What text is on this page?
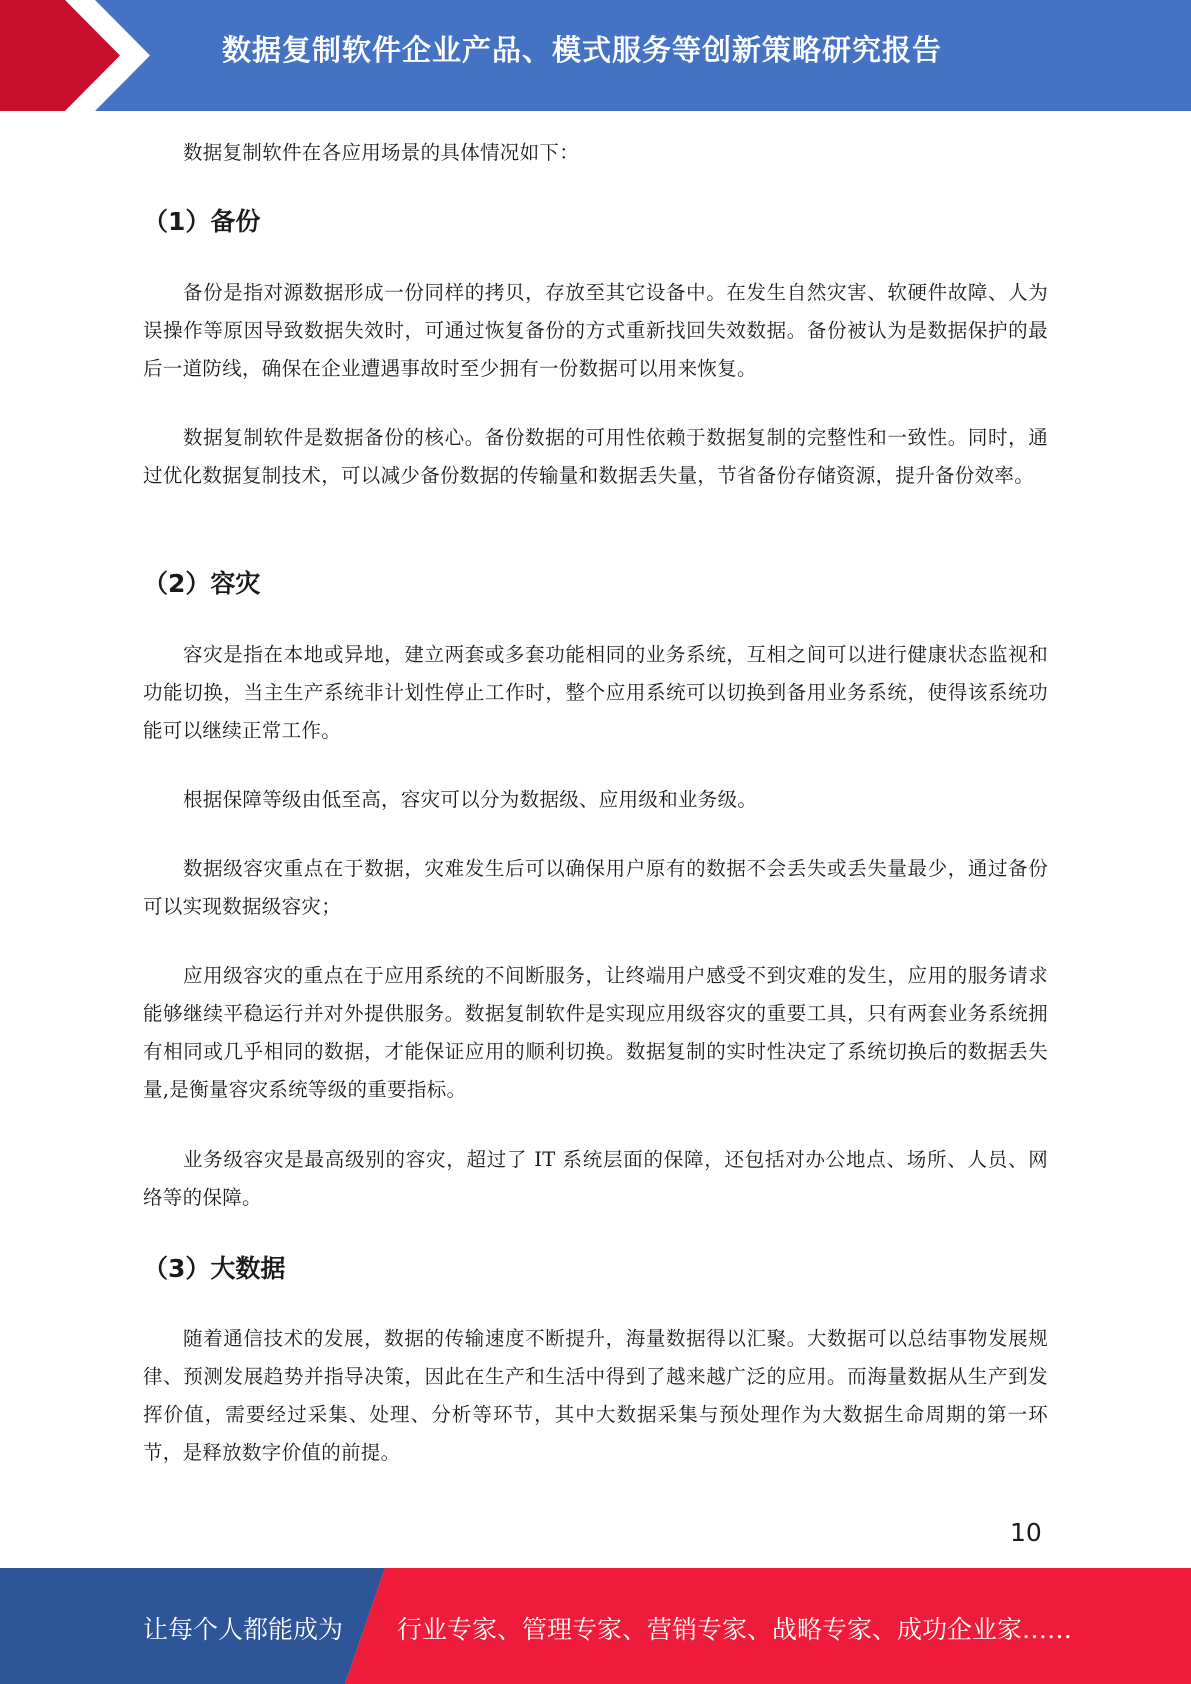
数据复制软件企业产品、模式服务等创新策略研究报告

数据复制软件在各应用场景的具体情况如下：

（1）备份

备份是指对源数据形成一份同样的拷贝，存放至其它设备中。在发生自然灾害、软硬件故障、人为误操作等原因导致数据失效时，可通过恢复备份的方式重新找回失效数据。备份被认为是数据保护的最后一道防线，确保在企业遭遇事故时至少拥有一份数据可以用来恢复。

数据复制软件是数据备份的核心。备份数据的可用性依赖于数据复制的完整性和一致性。同时，通过优化数据复制技术，可以减少备份数据的传输量和数据丢失量，节省备份存储资源，提升备份效率。

（2）容灾

容灾是指在本地或异地，建立两套或多套功能相同的业务系统，互相之间可以进行健康状态监视和功能切换，当主生产系统非计划性停止工作时，整个应用系统可以切换到备用业务系统，使得该系统功能可以继续正常工作。

根据保障等级由低至高，容灾可以分为数据级、应用级和业务级。

数据级容灾重点在于数据，灾难发生后可以确保用户原有的数据不会丢失或丢失量最少，通过备份可以实现数据级容灾；

应用级容灾的重点在于应用系统的不间断服务，让终端用户感受不到灾难的发生，应用的服务请求能够继续平稳运行并对外提供服务。数据复制软件是实现应用级容灾的重要工具，只有两套业务系统拥有相同或几乎相同的数据，才能保证应用的顺利切换。数据复制的实时性决定了系统切换后的数据丢失量,是衡量容灾系统等级的重要指标。

业务级容灾是最高级别的容灾，超过了 IT 系统层面的保障，还包括对办公地点、场所、人员、网络等的保障。

（3）大数据

随着通信技术的发展，数据的传输速度不断提升，海量数据得以汇聚。大数据可以总结事物发展规律、预测发展趋势并指导决策，因此在生产和生活中得到了越来越广泛的应用。而海量数据从生产到发挥价值，需要经过采集、处理、分析等环节，其中大数据采集与预处理作为大数据生命周期的第一环节，是释放数字价值的前提。

10
让每个人都能成为 行业专家、管理专家、营销专家、战略专家、成功企业家……
